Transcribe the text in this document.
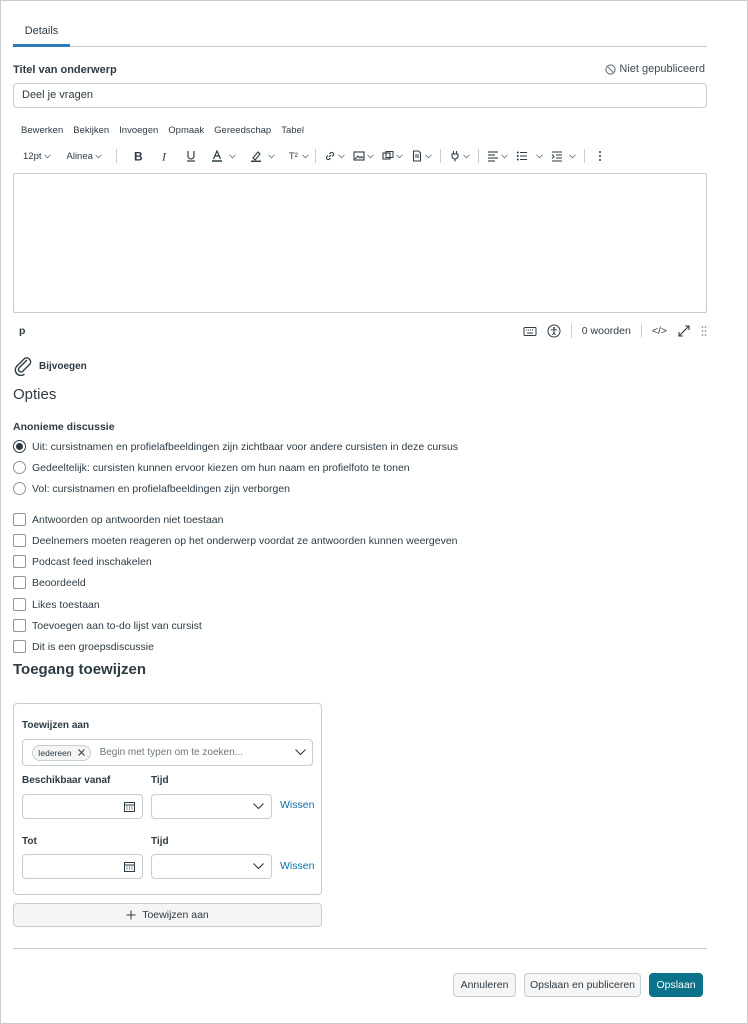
Details
Titel van onderwerp	Niet gepubliceerd
Deel je vragen
Bewerken Bekijken Invoegen Opmaak Gereedschap Tabel
12pt	Alinea	B I	T²
p	0 woorden </>
Bijvoegen
Opties
Anonieme discussie
Uit: cursistnamen en profielafbeeldingen zijn zichtbaar voor andere cursisten in deze cursus
Gedeeltelijk: cursisten kunnen ervoor kiezen om hun naam en profielfoto te tonen
Vol: cursistnamen en profielafbeeldingen zijn verborgen
Antwoorden op antwoorden niet toestaan
Deelnemers moeten reageren op het onderwerp voordat ze antwoorden kunnen weergeven
Podcast feed inschakelen
Beoordeeld
Likes toestaan
Toevoegen aan to-do lijst van cursist
Dit is een groepsdiscussie
Toegang toewijzen
Toewijzen aan
Iedereen	Begin met typen om te zoeken...
Beschikbaar vanaf	Tijd
Wissen
Tot	Tijd
Wissen
Toewijzen aan
Annuleren	Opslaan en publiceren	Opslaan
